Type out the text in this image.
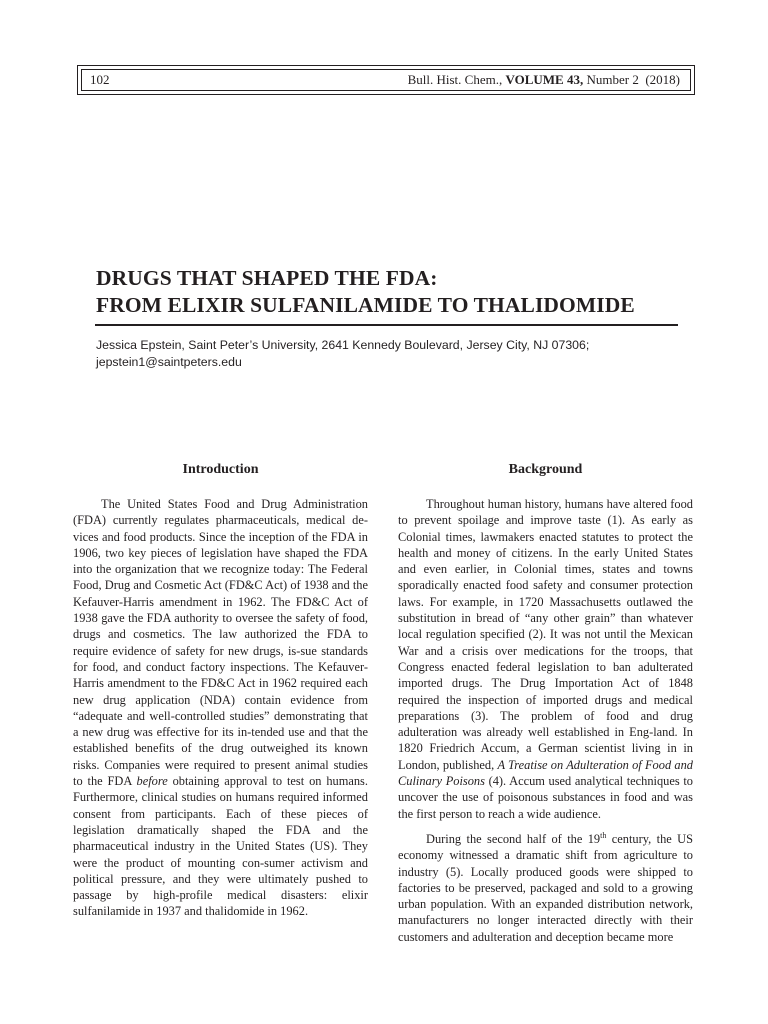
102	Bull. Hist. Chem., VOLUME 43, Number 2 (2018)
DRUGS THAT SHAPED THE FDA:
FROM ELIXIR SULFANILAMIDE TO THALIDOMIDE
Jessica Epstein, Saint Peter’s University, 2641 Kennedy Boulevard, Jersey City, NJ 07306;
jepstein1@saintpeters.edu
Introduction

The United States Food and Drug Administration (FDA) currently regulates pharmaceuticals, medical de-vices and food products. Since the inception of the FDA in 1906, two key pieces of legislation have shaped the FDA into the organization that we recognize today: The Federal Food, Drug and Cosmetic Act (FD&C Act) of 1938 and the Kefauver-Harris amendment in 1962. The FD&C Act of 1938 gave the FDA authority to oversee the safety of food, drugs and cosmetics. The law authorized the FDA to require evidence of safety for new drugs, is-sue standards for food, and conduct factory inspections. The Kefauver-Harris amendment to the FD&C Act in 1962 required each new drug application (NDA) contain evidence from “adequate and well-controlled studies” demonstrating that a new drug was effective for its in-tended use and that the established benefits of the drug outweighed its known risks. Companies were required to present animal studies to the FDA before obtaining approval to test on humans. Furthermore, clinical studies on humans required informed consent from participants. Each of these pieces of legislation dramatically shaped the FDA and the pharmaceutical industry in the United States (US). They were the product of mounting con-sumer activism and political pressure, and they were ultimately pushed to passage by high-profile medical disasters: elixir sulfanilamide in 1937 and thalidomide in 1962.

Background

Throughout human history, humans have altered food to prevent spoilage and improve taste (1). As early as Colonial times, lawmakers enacted statutes to protect the health and money of citizens. In the early United States and even earlier, in Colonial times, states and towns sporadically enacted food safety and consumer protection laws. For example, in 1720 Massachusetts outlawed the substitution in bread of “any other grain” than whatever local regulation specified (2). It was not until the Mexican War and a crisis over medications for the troops, that Congress enacted federal legislation to ban adulterated imported drugs. The Drug Importation Act of 1848 required the inspection of imported drugs and medical preparations (3). The problem of food and drug adulteration was already well established in Eng-land. In 1820 Friedrich Accum, a German scientist living in in London, published, A Treatise on Adulteration of Food and Culinary Poisons (4). Accum used analytical techniques to uncover the use of poisonous substances in food and was the first person to reach a wide audience.

During the second half of the 19th century, the US economy witnessed a dramatic shift from agriculture to industry (5). Locally produced goods were shipped to factories to be preserved, packaged and sold to a growing urban population. With an expanded distribution network, manufacturers no longer interacted directly with their customers and adulteration and deception became more
